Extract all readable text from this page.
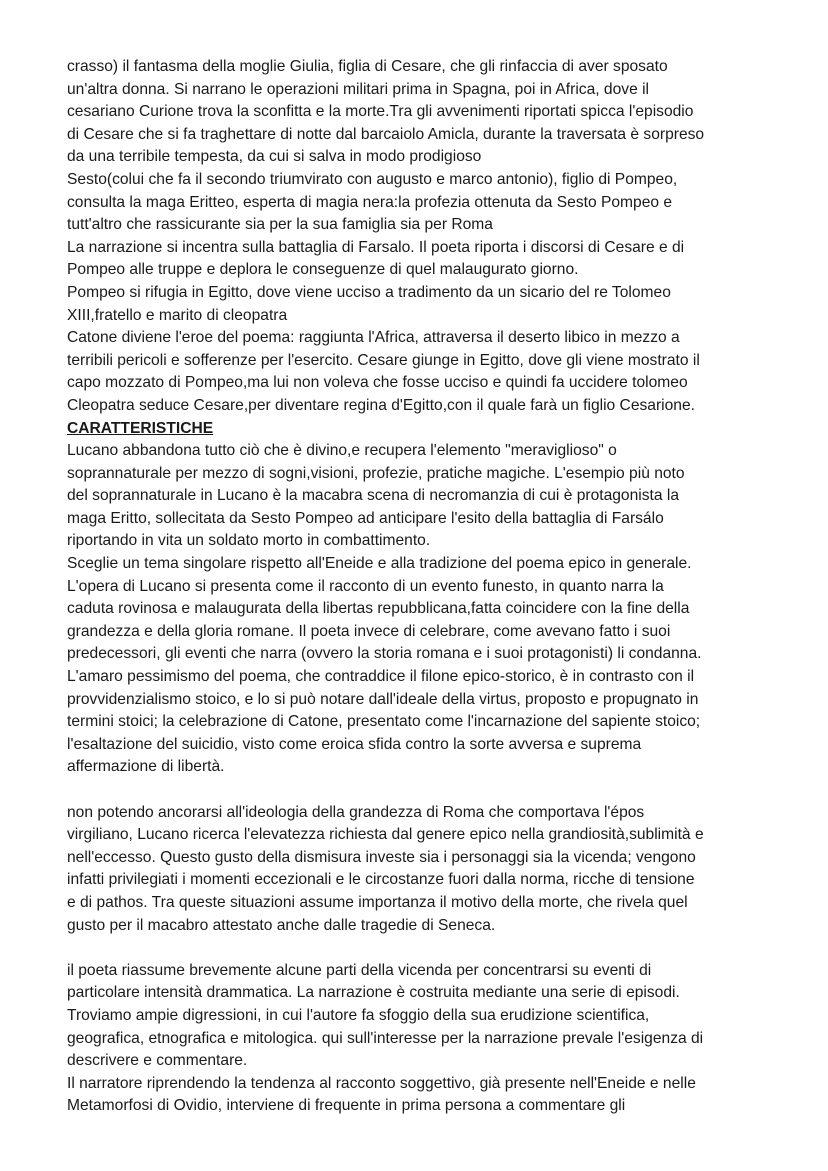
crasso) il fantasma della moglie Giulia, figlia di Cesare, che gli rinfaccia di aver sposato
un'altra donna. Si narrano le operazioni militari prima in Spagna, poi in Africa, dove il
cesariano Curione trova la sconfitta e la morte.Tra gli avvenimenti riportati spicca l'episodio
di Cesare che si fa traghettare di notte dal barcaiolo Amicla, durante la traversata è sorpreso
da una terribile tempesta, da cui si salva in modo prodigioso
Sesto(colui che fa il secondo triumvirato con augusto e marco antonio), figlio di Pompeo,
consulta la maga Eritteo, esperta di magia nera:la profezia ottenuta da Sesto Pompeo e
tutt'altro che rassicurante sia per la sua famiglia sia per Roma
La narrazione si incentra sulla battaglia di Farsalo. Il poeta riporta i discorsi di Cesare e di
Pompeo alle truppe e deplora le conseguenze di quel malaugurato giorno.
Pompeo si rifugia in Egitto, dove viene ucciso a tradimento da un sicario del re Tolomeo
XIII,fratello e marito di cleopatra
Catone diviene l'eroe del poema: raggiunta l'Africa, attraversa il deserto libico in mezzo a
terribili pericoli e sofferenze per l'esercito. Cesare giunge in Egitto, dove gli viene mostrato il
capo mozzato di Pompeo,ma lui non voleva che fosse ucciso e quindi fa uccidere tolomeo
Cleopatra seduce Cesare,per diventare regina d'Egitto,con il quale farà un figlio Cesarione.
CARATTERISTICHE
Lucano abbandona tutto ciò che è divino,e recupera l'elemento "meraviglioso" o
soprannaturale per mezzo di sogni,visioni, profezie, pratiche magiche. L'esempio più noto
del soprannaturale in Lucano è la macabra scena di necromanzia di cui è protagonista la
maga Eritto, sollecitata da Sesto Pompeo ad anticipare l'esito della battaglia di Farsálo
riportando in vita un soldato morto in combattimento.
Sceglie un tema singolare rispetto all'Eneide e alla tradizione del poema epico in generale.
L'opera di Lucano si presenta come il racconto di un evento funesto, in quanto narra la
caduta rovinosa e malaugurata della libertas repubblicana,fatta coincidere con la fine della
grandezza e della gloria romane. Il poeta invece di celebrare, come avevano fatto i suoi
predecessori, gli eventi che narra (ovvero la storia romana e i suoi protagonisti) li condanna.
L'amaro pessimismo del poema, che contraddice il filone epico-storico, è in contrasto con il
provvidenzialismo stoico, e lo si può notare dall'ideale della virtus, proposto e propugnato in
termini stoici; la celebrazione di Catone, presentato come l'incarnazione del sapiente stoico;
l'esaltazione del suicidio, visto come eroica sfida contro la sorte avversa e suprema
affermazione di libertà.
non potendo ancorarsi all'ideologia della grandezza di Roma che comportava l'épos
virgiliano, Lucano ricerca l'elevatezza richiesta dal genere epico nella grandiosità,sublimità e
nell'eccesso. Questo gusto della dismisura investe sia i personaggi sia la vicenda; vengono
infatti privilegiati i momenti eccezionali e le circostanze fuori dalla norma, ricche di tensione
e di pathos. Tra queste situazioni assume importanza il motivo della morte, che rivela quel
gusto per il macabro attestato anche dalle tragedie di Seneca.
il poeta riassume brevemente alcune parti della vicenda per concentrarsi su eventi di
particolare intensità drammatica. La narrazione è costruita mediante una serie di episodi.
Troviamo ampie digressioni, in cui l'autore fa sfoggio della sua erudizione scientifica,
geografica, etnografica e mitologica. qui sull'interesse per la narrazione prevale l'esigenza di
descrivere e commentare.
Il narratore riprendendo la tendenza al racconto soggettivo, già presente nell'Eneide e nelle
Metamorfosi di Ovidio, interviene di frequente in prima persona a commentare gli
